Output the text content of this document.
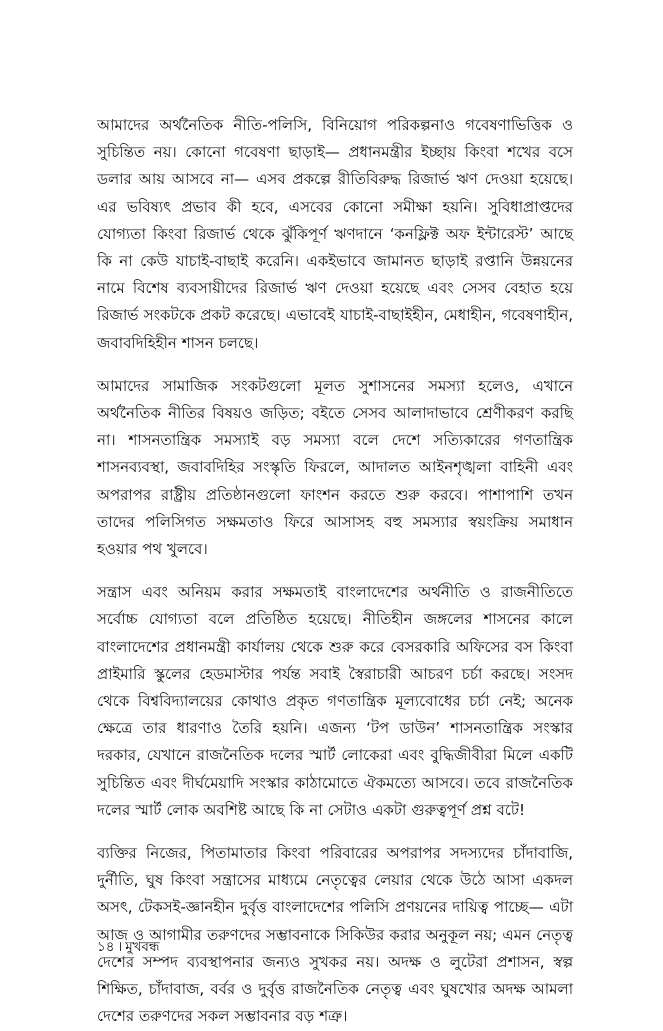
আমাদের অর্থনৈতিক নীতি-পলিসি, বিনিয়োগ পরিকল্পনাও গবেষণাভিত্তিক ও সুচিন্তিত নয়। কোনো গবেষণা ছাড়াই— প্রধানমন্ত্রীর ইচ্ছায় কিংবা শখের বসে ডলার আয় আসবে না— এসব প্রকল্পে রীতিবিরুদ্ধ রিজার্ভ ঋণ দেওয়া হয়েছে। এর ভবিষ্যৎ প্রভাব কী হবে, এসবের কোনো সমীক্ষা হয়নি। সুবিধাপ্রাপ্তদের যোগ্যতা কিংবা রিজার্ভ থেকে ঝুঁকিপূর্ণ ঋণদানে ‘কনফ্লিক্ট অফ ইন্টারেস্ট’ আছে কি না কেউ যাচাই-বাছাই করেনি। একইভাবে জামানত ছাড়াই রপ্তানি উন্নয়নের নামে বিশেষ ব্যবসায়ীদের রিজার্ভ ঋণ দেওয়া হয়েছে এবং সেসব বেহাত হয়ে রিজার্ভ সংকটকে প্রকট করেছে। এভাবেই যাচাই-বাছাইহীন, মেধাহীন, গবেষণাহীন, জবাবদিহিহীন শাসন চলছে।

আমাদের সামাজিক সংকটগুলো মূলত সুশাসনের সমস্যা হলেও, এখানে অর্থনৈতিক নীতির বিষয়ও জড়িত; বইতে সেসব আলাদাভাবে শ্রেণীকরণ করছি না। শাসনতান্ত্রিক সমস্যাই বড় সমস্যা বলে দেশে সত্যিকারের গণতান্ত্রিক শাসনব্যবস্থা, জবাবদিহির সংস্কৃতি ফিরলে, আদালত আইনশৃঙ্খলা বাহিনী এবং অপরাপর রাষ্ট্রীয় প্রতিষ্ঠানগুলো ফাংশন করতে শুরু করবে। পাশাপাশি তখন তাদের পলিসিগত সক্ষমতাও ফিরে আসাসহ বহু সমস্যার স্বয়ংক্রিয় সমাধান হওয়ার পথ খুলবে।

সন্ত্রাস এবং অনিয়ম করার সক্ষমতাই বাংলাদেশের অর্থনীতি ও রাজনীতিতে সর্বোচ্চ যোগ্যতা বলে প্রতিষ্ঠিত হয়েছে। নীতিহীন জঙ্গলের শাসনের কালে বাংলাদেশের প্রধানমন্ত্রী কার্যালয় থেকে শুরু করে বেসরকারি অফিসের বস কিংবা প্রাইমারি স্কুলের হেডমাস্টার পর্যন্ত সবাই স্বৈরাচারী আচরণ চর্চা করছে। সংসদ থেকে বিশ্ববিদ্যালয়ের কোথাও প্রকৃত গণতান্ত্রিক মূল্যবোধের চর্চা নেই; অনেক ক্ষেত্রে তার ধারণাও তৈরি হয়নি। এজন্য ‘টপ ডাউন’ শাসনতান্ত্রিক সংস্কার দরকার, যেখানে রাজনৈতিক দলের স্মার্ট লোকেরা এবং বুদ্ধিজীবীরা মিলে একটি সুচিন্তিত এবং দীর্ঘমেয়াদি সংস্কার কাঠামোতে ঐকমত্যে আসবে। তবে রাজনৈতিক দলের স্মার্ট লোক অবশিষ্ট আছে কি না সেটাও একটা গুরুত্বপূর্ণ প্রশ্ন বটে!

ব্যক্তির নিজের, পিতামাতার কিংবা পরিবারের অপরাপর সদস্যদের চাঁদাবাজি, দুর্নীতি, ঘুষ কিংবা সন্ত্রাসের মাধ্যমে নেতৃত্বের লেয়ার থেকে উঠে আসা একদল অসৎ, টেকসই-জ্ঞানহীন দুর্বৃত্ত বাংলাদেশের পলিসি প্রণয়নের দায়িত্ব পাচ্ছে— এটা আজ ও আগামীর তরুণদের সম্ভাবনাকে সিকিউর করার অনুকূল নয়; এমন নেতৃত্ব দেশের সম্পদ ব্যবস্থাপনার জন্যও সুখকর নয়। অদক্ষ ও লুটেরা প্রশাসন, স্বল্প শিক্ষিত, চাঁদাবাজ, বর্বর ও দুর্বৃত্ত রাজনৈতিক নেতৃত্ব এবং ঘুষখোর অদক্ষ আমলা দেশের তরুণদের সকল সম্ভাবনার বড় শত্রু।

১৪ । মুখবন্ধ
